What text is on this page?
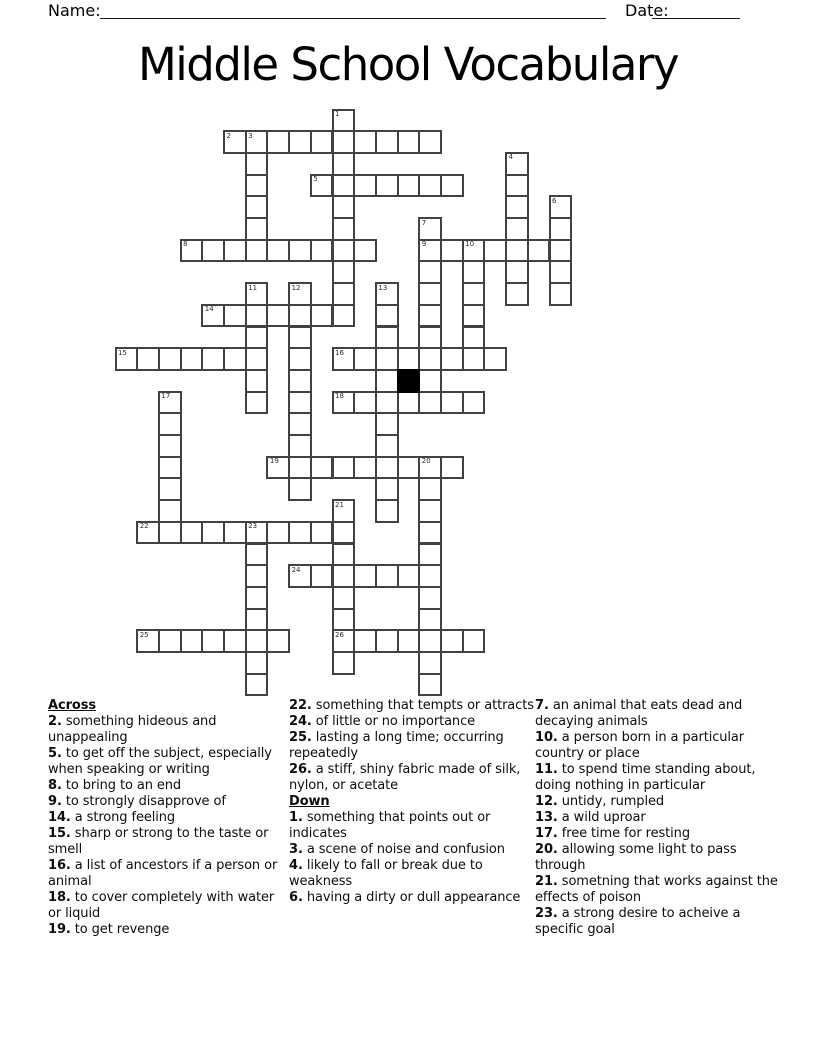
Name:	Date:
Middle School Vocabulary
1
2 3
4
5
6
7
9
8	10
11	12	13
14
15	16
17	18
19	20
21
26
22	23
24
25

Across

2. something hideous and unappealing

5. to get off the subject, especially when speaking or writing

8. to bring to an end

9. to strongly disapprove of

14. a strong feeling

15. sharp or strong to the taste or smell

16. a list of ancestors if a person or animal

18. to cover completely with water or liquid

19. to get revenge

22. something that tempts or attracts

24. of little or no importance

25. lasting a long time; occurring repeatedly

26. a stiff, shiny fabric made of silk, nylon, or acetate

Down

1. something that points out or indicates

3. a scene of noise and confusion

4. likely to fall or break due to weakness

6. having a dirty or dull appearance

7. an animal that eats dead and decaying animals

10. a person born in a particular country or place

11. to spend time standing about, doing nothing in particular

12. untidy, rumpled

13. a wild uproar

17. free time for resting

20. allowing some light to pass through

21. sometning that works against the effects of poison

23. a strong desire to acheive a specific goal
